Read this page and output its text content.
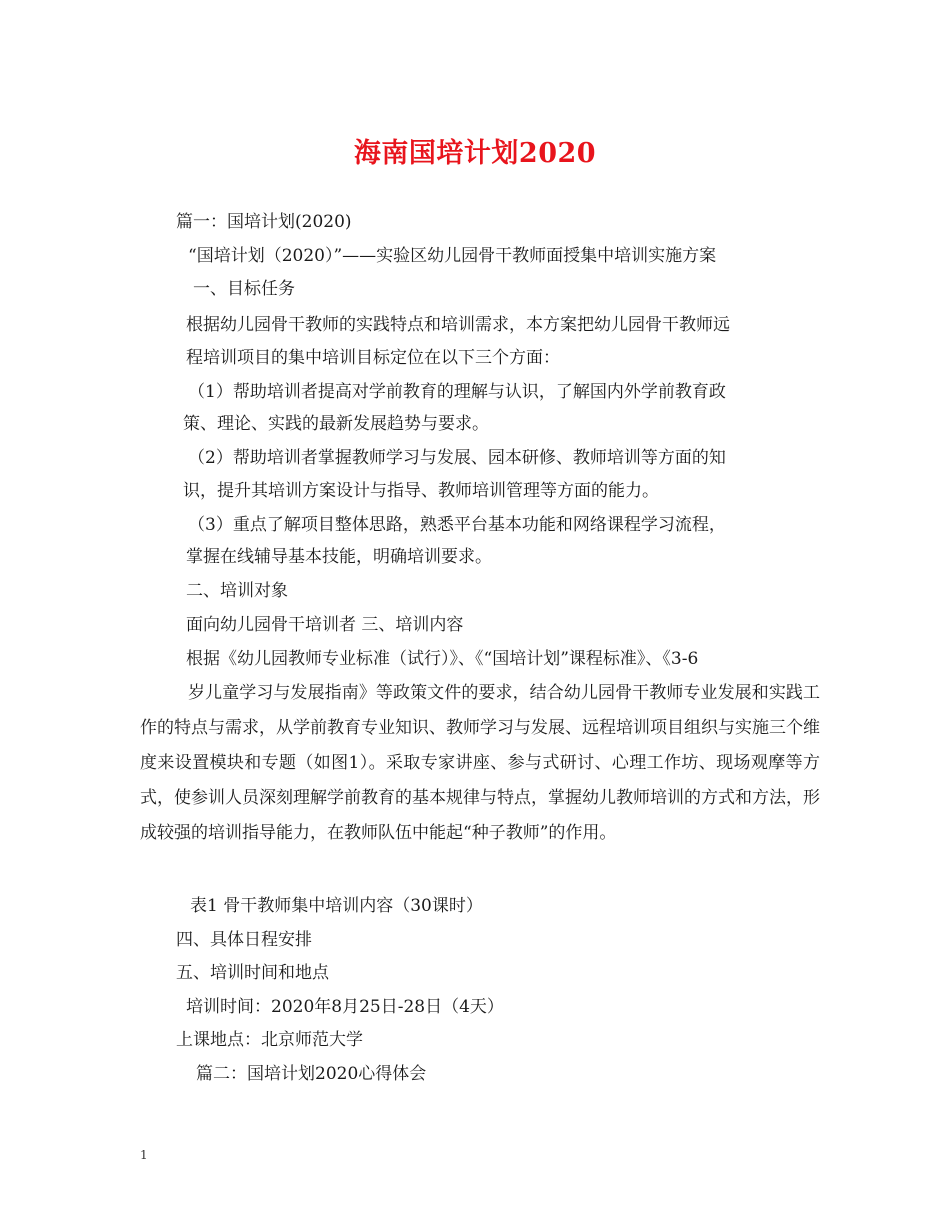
海南国培计划2020
篇一：国培计划(2020)
“国培计划（2020）”——实验区幼儿园骨干教师面授集中培训实施方案
一、目标任务
根据幼儿园骨干教师的实践特点和培训需求，本方案把幼儿园骨干教师远
程培训项目的集中培训目标定位在以下三个方面：
（1）帮助培训者提高对学前教育的理解与认识，了解国内外学前教育政
策、理论、实践的最新发展趋势与要求。
（2）帮助培训者掌握教师学习与发展、园本研修、教师培训等方面的知
识，提升其培训方案设计与指导、教师培训管理等方面的能力。
（3）重点了解项目整体思路，熟悉平台基本功能和网络课程学习流程，
掌握在线辅导基本技能，明确培训要求。
二、培训对象
面向幼儿园骨干培训者 三、培训内容
根据《幼儿园教师专业标准（试行）》、《“国培计划”课程标准》、《3-6
岁儿童学习与发展指南》等政策文件的要求，结合幼儿园骨干教师专业发展和实践工作的特点与需求，从学前教育专业知识、教师学习与发展、远程培训项目组织与实施三个维度来设置模块和专题（如图1）。采取专家讲座、参与式研讨、心理工作坊、现场观摩等方式，使参训人员深刻理解学前教育的基本规律与特点，掌握幼儿教师培训的方式和方法，形成较强的培训指导能力，在教师队伍中能起“种子教师”的作用。
表1 骨干教师集中培训内容（30课时）
四、具体日程安排
五、培训时间和地点
培训时间：2020年8月25日-28日（4天）
上课地点：北京师范大学
篇二：国培计划2020心得体会
1
